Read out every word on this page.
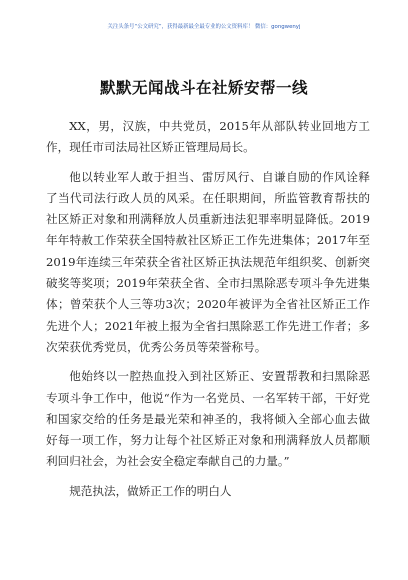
关注头条号“公文研究”，获得最新最全最专业的公文资料库！ 微信：gongwenyj
默默无闻战斗在社矫安帮一线

XX，男，汉族，中共党员，2015年从部队转业回地方工作，现任市司法局社区矫正管理局局长。

他以转业军人敢于担当、雷厉风行、自谦自励的作风诠释了当代司法行政人员的风采。在任职期间，所监管教育帮扶的社区矫正对象和刑满释放人员重新违法犯罪率明显降低。2019年年特赦工作荣获全国特赦社区矫正工作先进集体；2017年至2019年连续三年荣获全省社区矫正执法规范年组织奖、创新突破奖等奖项；2019年荣获全省、全市扫黑除恶专项斗争先进集体；曾荣获个人三等功3次；2020年被评为全省社区矫正工作先进个人；2021年被上报为全省扫黑除恶工作先进工作者；多次荣获优秀党员，优秀公务员等荣誉称号。

他始终以一腔热血投入到社区矫正、安置帮教和扫黑除恶专项斗争工作中，他说“作为一名党员、一名军转干部，干好党和国家交给的任务是最光荣和神圣的，我将倾入全部心血去做好每一项工作，努力让每个社区矫正对象和刑满释放人员都顺利回归社会，为社会安全稳定奉献自己的力量。”

规范执法，做矫正工作的明白人
